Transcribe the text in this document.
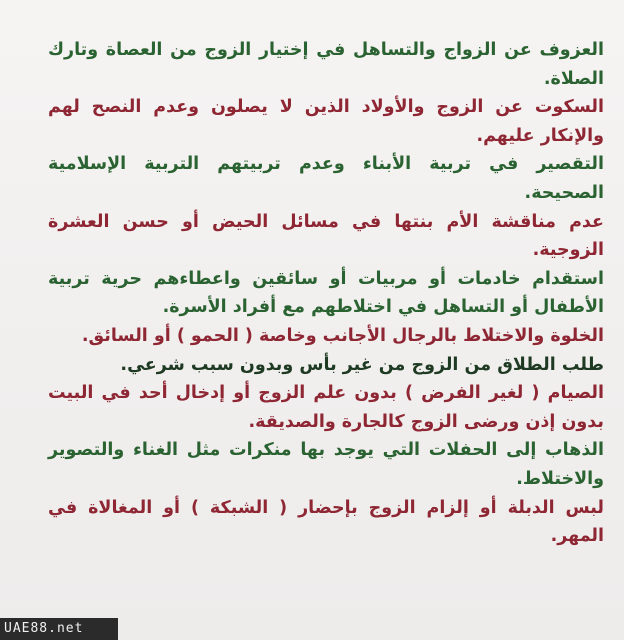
العزوف عن الزواج والتساهل في إختيار الزوج من العصاة وتارك الصلاة.

السكوت عن الزوج والأولاد الذين لا يصلون وعدم النصح لهم والإنكار عليهم.

التقصير في تربية الأبناء وعدم تربيتهم التربية الإسلامية الصحيحة.

عدم مناقشة الأم بنتها في مسائل الحيض أو حسن العشرة الزوجية.

استقدام خادمات أو مربيات أو سائقين واعطاءهم حرية تربية الأطفال أو التساهل في اختلاطهم مع أفراد الأسرة.

الخلوة والاختلاط بالرجال الأجانب وخاصة ( الحمو ) أو السائق.

طلب الطلاق من الزوج من غير بأس وبدون سبب شرعي.

الصيام ( لغير الفرض ) بدون علم الزوج أو إدخال أحد في البيت بدون إذن ورضى الزوج كالجارة والصديقة.

الذهاب إلى الحفلات التي يوجد بها منكرات مثل الغناء والتصوير والاختلاط.

لبس الدبلة أو إلزام الزوج بإحضار ( الشبكة ) أو المغالاة في المهر.

UAE88.net
